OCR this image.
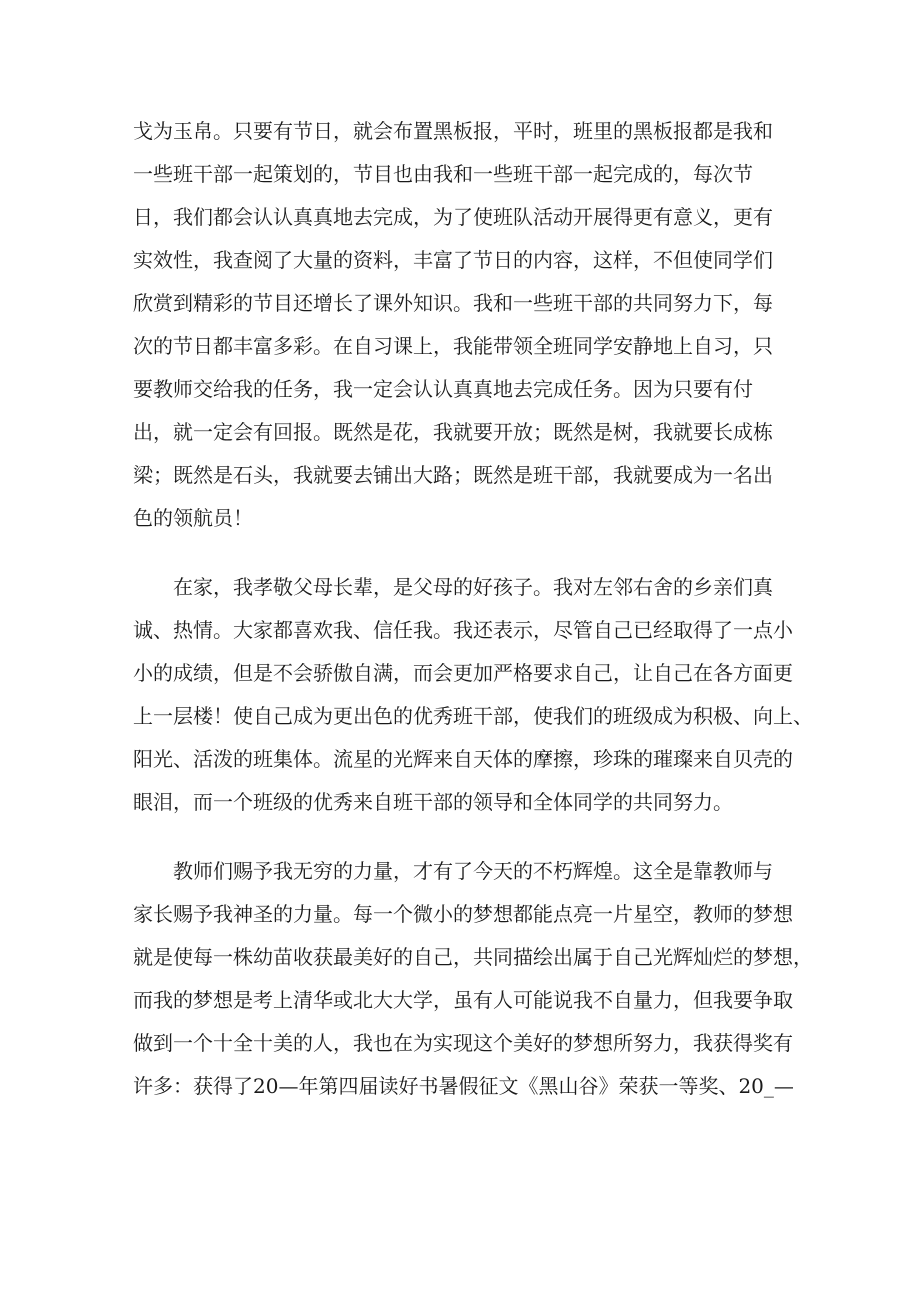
戈为玉帛。只要有节日，就会布置黑板报，平时，班里的黑板报都是我和
一些班干部一起策划的，节目也由我和一些班干部一起完成的，每次节
日，我们都会认认真真地去完成，为了使班队活动开展得更有意义，更有
实效性，我查阅了大量的资料，丰富了节日的内容，这样，不但使同学们
欣赏到精彩的节目还增长了课外知识。我和一些班干部的共同努力下，每
次的节日都丰富多彩。在自习课上，我能带领全班同学安静地上自习，只
要教师交给我的任务，我一定会认认真真地去完成任务。因为只要有付
出，就一定会有回报。既然是花，我就要开放；既然是树，我就要长成栋
梁；既然是石头，我就要去铺出大路；既然是班干部，我就要成为一名出
色的领航员！
在家，我孝敬父母长辈，是父母的好孩子。我对左邻右舍的乡亲们真
诚、热情。大家都喜欢我、信任我。我还表示，尽管自己已经取得了一点小
小的成绩，但是不会骄傲自满，而会更加严格要求自己，让自己在各方面更
上一层楼！使自己成为更出色的优秀班干部，使我们的班级成为积极、向上、
阳光、活泼的班集体。流星的光辉来自天体的摩擦，珍珠的璀璨来自贝壳的
眼泪，而一个班级的优秀来自班干部的领导和全体同学的共同努力。
教师们赐予我无穷的力量，才有了今天的不朽辉煌。这全是靠教师与
家长赐予我神圣的力量。每一个微小的梦想都能点亮一片星空，教师的梦想
就是使每一株幼苗收获最美好的自己，共同描绘出属于自己光辉灿烂的梦想，
而我的梦想是考上清华或北大大学，虽有人可能说我不自量力，但我要争取
做到一个十全十美的人，我也在为实现这个美好的梦想所努力，我获得奖有
许多：获得了20—年第四届读好书暑假征文《黑山谷》荣获一等奖、20_—
